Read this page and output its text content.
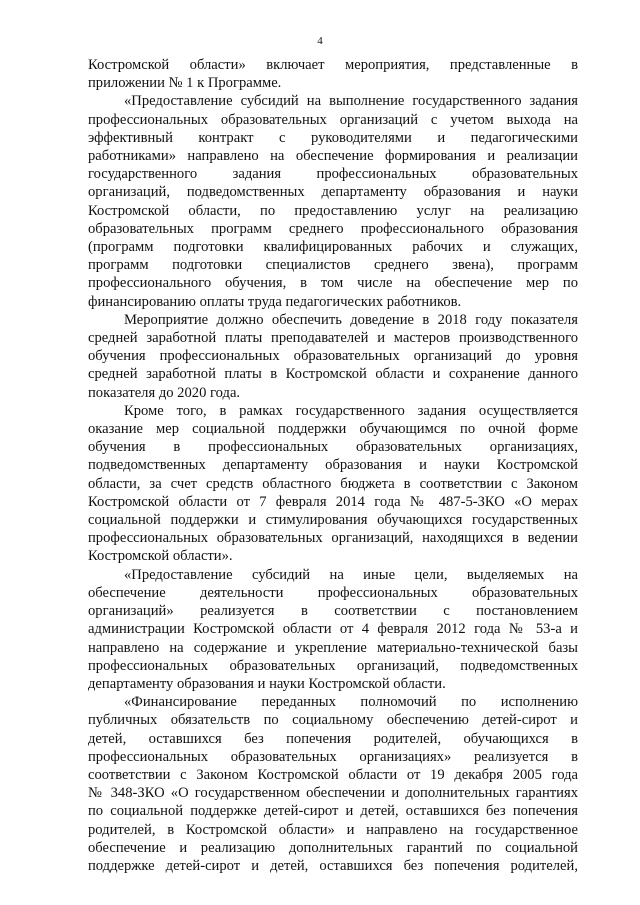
4
Костромской области» включает мероприятия, представленные в
приложении № 1 к Программе.
«Предоставление субсидий на выполнение государственного задания
профессиональных образовательных организаций с учетом выхода на
эффективный контракт с руководителями и педагогическими
работниками» направлено на обеспечение формирования и реализации
государственного задания профессиональных образовательных
организаций, подведомственных департаменту образования и науки
Костромской области, по предоставлению услуг на реализацию
образовательных программ среднего профессионального образования
(программ подготовки квалифицированных рабочих и служащих,
программ подготовки специалистов среднего звена), программ
профессионального обучения, в том числе на обеспечение мер по
финансированию оплаты труда педагогических работников.
Мероприятие должно обеспечить доведение в 2018 году показателя
средней заработной платы преподавателей и мастеров производственного
обучения профессиональных образовательных организаций до уровня
средней заработной платы в Костромской области и сохранение данного
показателя до 2020 года.
Кроме того, в рамках государственного задания осуществляется
оказание мер социальной поддержки обучающимся по очной форме
обучения в профессиональных образовательных организациях,
подведомственных департаменту образования и науки Костромской
области, за счет средств областного бюджета в соответствии с Законом
Костромской области от 7 февраля 2014 года № 487-5-ЗКО «О мерах
социальной поддержки и стимулирования обучающихся государственных
профессиональных образовательных организаций, находящихся в ведении
Костромской области».
«Предоставление субсидий на иные цели, выделяемых на
обеспечение деятельности профессиональных образовательных
организаций» реализуется в соответствии с постановлением
администрации Костромской области от 4 февраля 2012 года № 53-а и
направлено на содержание и укрепление материально-технической базы
профессиональных образовательных организаций, подведомственных
департаменту образования и науки Костромской области.
«Финансирование переданных полномочий по исполнению
публичных обязательств по социальному обеспечению детей-сирот и
детей, оставшихся без попечения родителей, обучающихся в
профессиональных образовательных организациях» реализуется в
соответствии с Законом Костромской области от 19 декабря 2005 года
№ 348-ЗКО «О государственном обеспечении и дополнительных гарантиях
по социальной поддержке детей-сирот и детей, оставшихся без попечения
родителей, в Костромской области» и направлено на государственное
обеспечение и реализацию дополнительных гарантий по социальной
поддержке детей-сирот и детей, оставшихся без попечения родителей,
